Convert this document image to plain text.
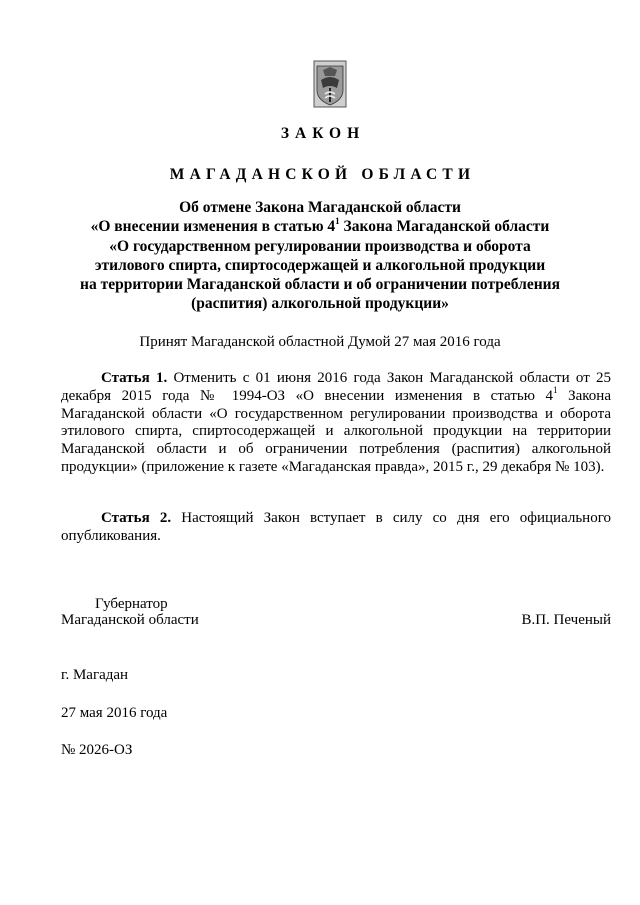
ЗАКОН
МАГАДАНСКОЙ ОБЛАСТИ
Об отмене Закона Магаданской области
«О внесении изменения в статью $4^1$ Закона Магаданской области
«О государственном регулировании производства и оборота
этилового спирта, спиртосодержащей и алкогольной продукции
на территории Магаданской области и об ограничении потребления
(распития) алкогольной продукции»
Принят Магаданской областной Думой 27 мая 2016 года
Статья 1. Отменить с 01 июня 2016 года Закон Магаданской области от 25 декабря 2015 года № 1994-ОЗ «О внесении изменения в статью $4^1$ Закона Магаданской области «О государственном регулировании производства и оборота этилового спирта, спиртосодержащей и алкогольной продукции на территории Магаданской области и об ограничении потребления (распития) алкогольной продукции» (приложение к газете «Магаданская правда», 2015 г., 29 декабря № 103).
Статья 2. Настоящий Закон вступает в силу со дня его официального опубликования.
Губернатор
Магаданской области	В.П. Печеный
г. Магадан
27 мая 2016 года
№ 2026-ОЗ
